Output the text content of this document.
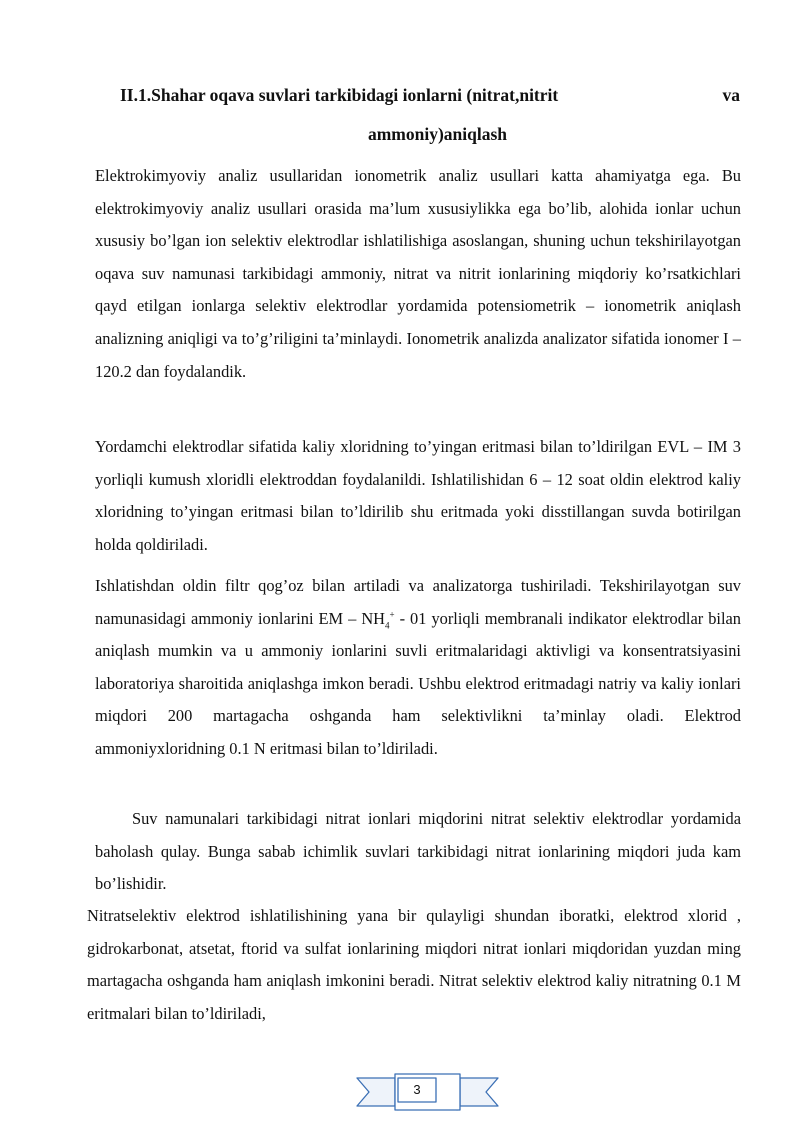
II.1.Shahar oqava suvlari tarkibidagi ionlarni (nitrat,nitrit	va
ammoniy)aniqlash

Elektrokimyoviy analiz usullaridan ionometrik analiz usullari katta ahamiyatga ega. Bu elektrokimyoviy analiz usullari orasida ma’lum xususiylikka ega bo’lib, alohida ionlar uchun xususiy bo’lgan ion selektiv elektrodlar ishlatilishiga asoslangan, shuning uchun tekshirilayotgan oqava suv namunasi tarkibidagi ammoniy, nitrat va nitrit ionlarining miqdoriy ko’rsatkichlari qayd etilgan ionlarga selektiv elektrodlar yordamida potensiometrik – ionometrik aniqlash analizning aniqligi va to’g’riligini ta’minlaydi. Ionometrik analizda analizator sifatida ionomer I – 120.2 dan foydalandik.

Yordamchi elektrodlar sifatida kaliy xloridning to’yingan eritmasi bilan to’ldirilgan EVL – IM 3 yorliqli kumush xloridli elektroddan foydalanildi. Ishlatilishidan 6 – 12 soat oldin elektrod kaliy xloridning to’yingan eritmasi bilan to’ldirilib shu eritmada yoki disstillangan suvda botirilgan holda qoldiriladi.

Ishlatishdan oldin filtr qog’oz bilan artiladi va analizatorga tushiriladi. Tekshirilayotgan suv namunasidagi ammoniy ionlarini EM – $NH_4^+ - 01$ yorliqli membranali indikator elektrodlar bilan aniqlash mumkin va u ammoniy ionlarini suvli eritmalaridagi aktivligi va konsentratsiyasini laboratoriya sharoitida aniqlashga imkon beradi. Ushbu elektrod eritmadagi natriy va kaliy ionlari miqdori 200 martagacha oshganda ham selektivlikni ta’minlay oladi. Elektrod ammoniyxloridning 0.1 N eritmasi bilan to’ldiriladi.

Suv namunalari tarkibidagi nitrat ionlari miqdorini nitrat selektiv elektrodlar yordamida baholash qulay. Bunga sabab ichimlik suvlari tarkibidagi nitrat ionlarining miqdori juda kam bo’lishidir.

Nitratselektiv elektrod ishlatilishining yana bir qulayligi shundan iboratki, elektrod xlorid , gidrokarbonat, atsetat, ftorid va sulfat ionlarining miqdori nitrat ionlari miqdoridan yuzdan ming martagacha oshganda ham aniqlash imkonini beradi. Nitrat selektiv elektrod kaliy nitratning 0.1 M eritmalari bilan to’ldiriladi,

3
